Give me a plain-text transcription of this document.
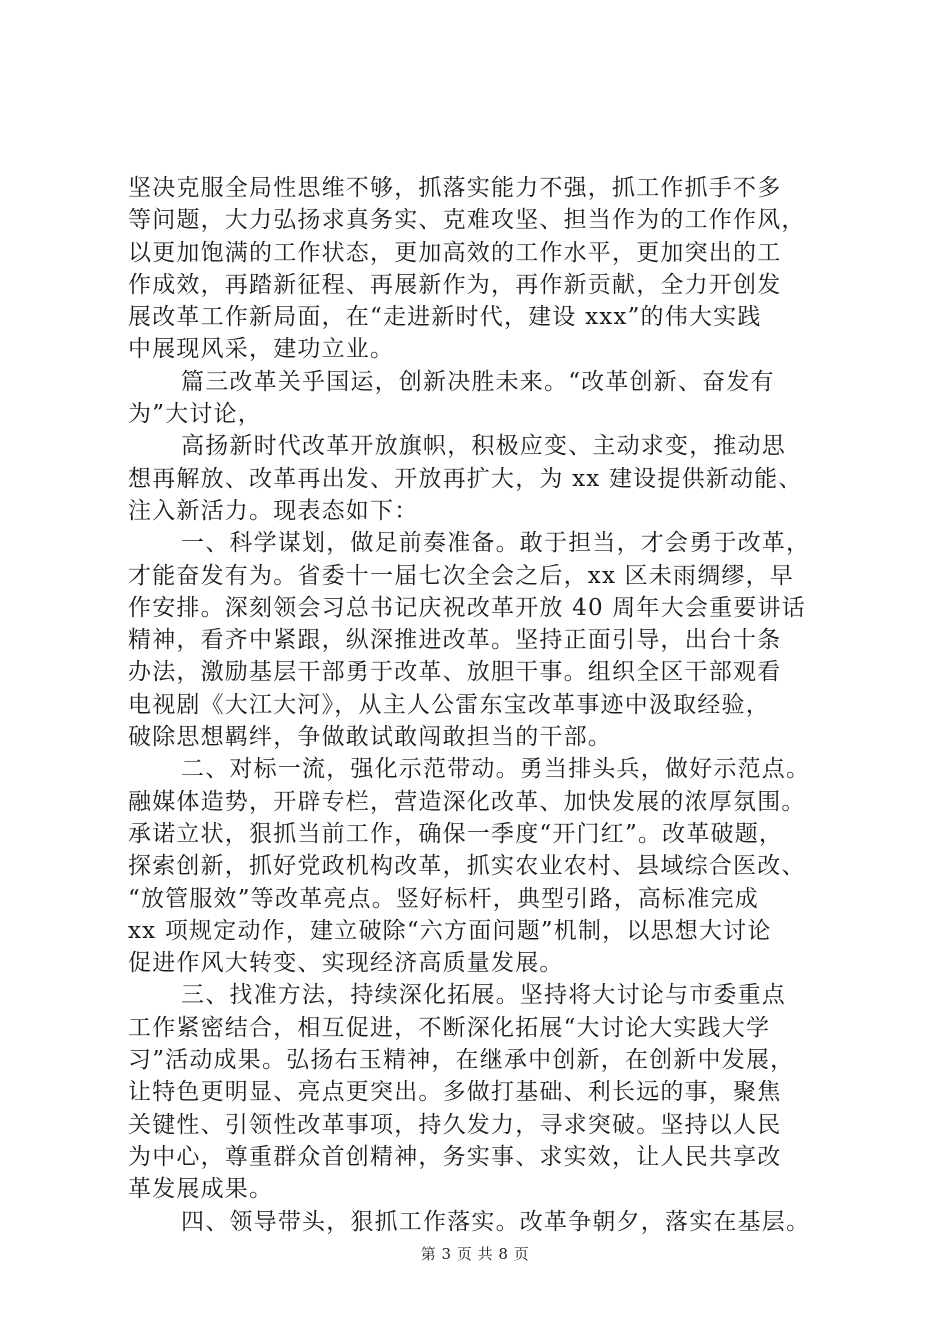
坚决克服全局性思维不够，抓落实能力不强，抓工作抓手不多
等问题，大力弘扬求真务实、克难攻坚、担当作为的工作作风，
以更加饱满的工作状态，更加高效的工作水平，更加突出的工
作成效，再踏新征程、再展新作为，再作新贡献，全力开创发
展改革工作新局面，在“走进新时代，建设 xxx”的伟大实践
中展现风采，建功立业。
篇三改革关乎国运，创新决胜未来。“改革创新、奋发有
为”大讨论，
高扬新时代改革开放旗帜，积极应变、主动求变，推动思
想再解放、改革再出发、开放再扩大，为 xx 建设提供新动能、
注入新活力。现表态如下：
一、科学谋划，做足前奏准备。敢于担当，才会勇于改革，
才能奋发有为。省委十一届七次全会之后，xx 区未雨绸缪，早
作安排。深刻领会习总书记庆祝改革开放 40 周年大会重要讲话
精神，看齐中紧跟，纵深推进改革。坚持正面引导，出台十条
办法，激励基层干部勇于改革、放胆干事。组织全区干部观看
电视剧《大江大河》，从主人公雷东宝改革事迹中汲取经验，
破除思想羁绊，争做敢试敢闯敢担当的干部。
二、对标一流，强化示范带动。勇当排头兵，做好示范点。
融媒体造势，开辟专栏，营造深化改革、加快发展的浓厚氛围。
承诺立状，狠抓当前工作，确保一季度“开门红”。改革破题，
探索创新，抓好党政机构改革，抓实农业农村、县域综合医改、
“放管服效”等改革亮点。竖好标杆，典型引路，高标准完成
xx 项规定动作，建立破除“六方面问题”机制，以思想大讨论
促进作风大转变、实现经济高质量发展。
三、找准方法，持续深化拓展。坚持将大讨论与市委重点
工作紧密结合，相互促进，不断深化拓展“大讨论大实践大学
习”活动成果。弘扬右玉精神，在继承中创新，在创新中发展，
让特色更明显、亮点更突出。多做打基础、利长远的事，聚焦
关键性、引领性改革事项，持久发力，寻求突破。坚持以人民
为中心，尊重群众首创精神，务实事、求实效，让人民共享改
革发展成果。
四、领导带头，狠抓工作落实。改革争朝夕，落实在基层。
第 3 页 共 8 页
